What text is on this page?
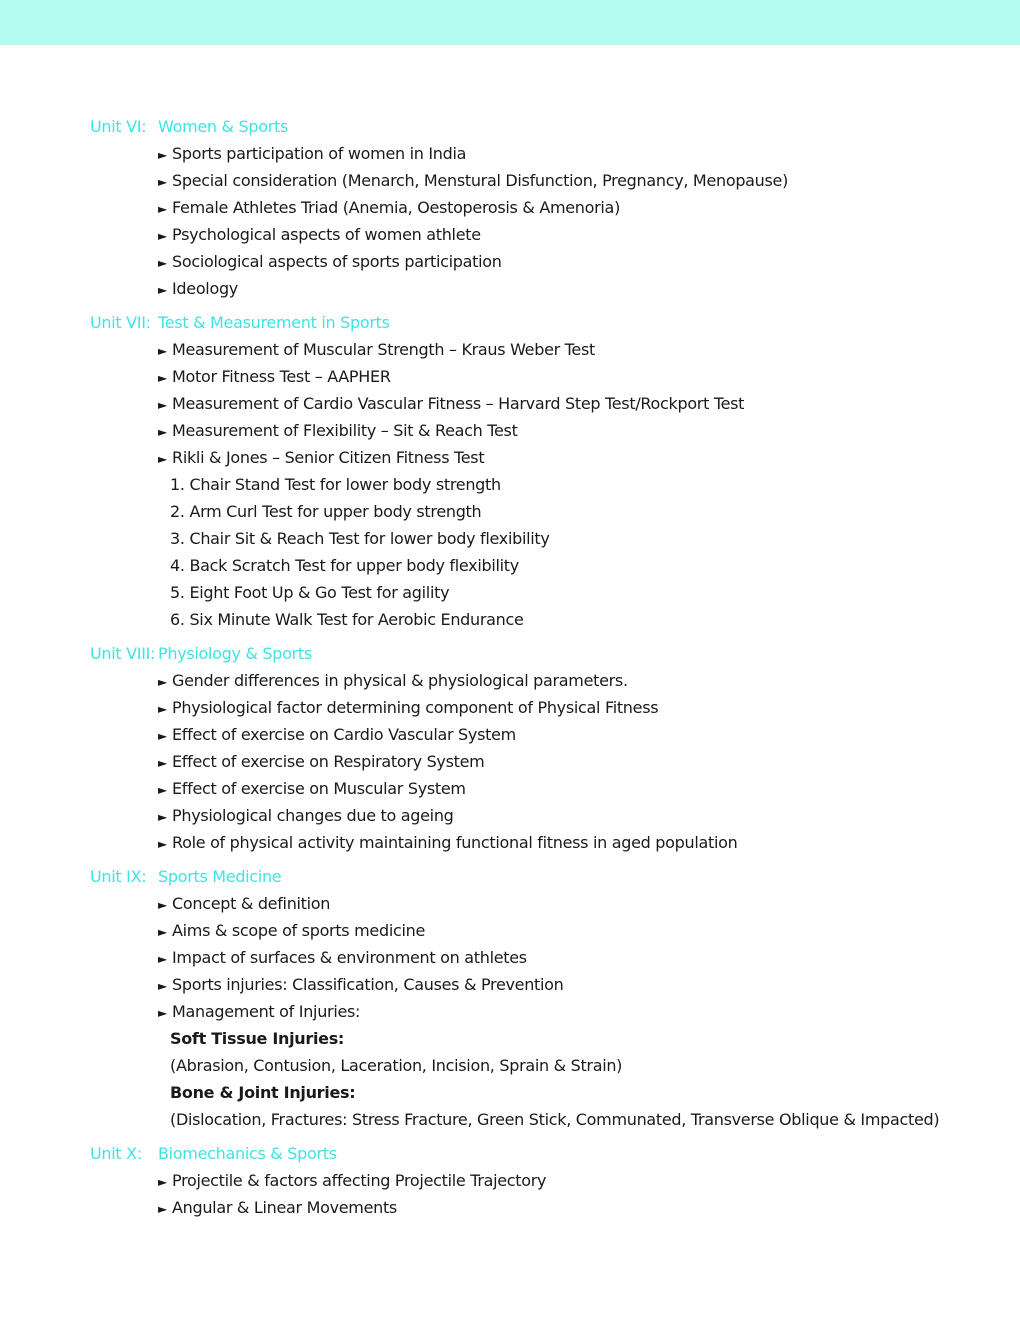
Unit VI: Women & Sports
► Sports participation of women in India
► Special consideration (Menarch, Menstural Disfunction, Pregnancy, Menopause)
► Female Athletes Triad (Anemia, Oestoperosis & Amenoria)
► Psychological aspects of women athlete
► Sociological aspects of sports participation
► Ideology
Unit VII: Test & Measurement in Sports
► Measurement of Muscular Strength – Kraus Weber Test
► Motor Fitness Test – AAPHER
► Measurement of Cardio Vascular Fitness – Harvard Step Test/Rockport Test
► Measurement of Flexibility – Sit & Reach Test
► Rikli & Jones – Senior Citizen Fitness Test
1. Chair Stand Test for lower body strength
2. Arm Curl Test for upper body strength
3. Chair Sit & Reach Test for lower body flexibility
4. Back Scratch Test for upper body flexibility
5. Eight Foot Up & Go Test for agility
6. Six Minute Walk Test for Aerobic Endurance
Unit VIII: Physiology & Sports
► Gender differences in physical & physiological parameters.
► Physiological factor determining component of Physical Fitness
► Effect of exercise on Cardio Vascular System
► Effect of exercise on Respiratory System
► Effect of exercise on Muscular System
► Physiological changes due to ageing
► Role of physical activity maintaining functional fitness in aged population
Unit IX: Sports Medicine
► Concept & definition
► Aims & scope of sports medicine
► Impact of surfaces & environment on athletes
► Sports injuries: Classification, Causes & Prevention
► Management of Injuries:
Soft Tissue Injuries:
(Abrasion, Contusion, Laceration, Incision, Sprain & Strain)
Bone & Joint Injuries:
(Dislocation, Fractures: Stress Fracture, Green Stick, Communated, Transverse Oblique & Impacted)
Unit X:	Biomechanics & Sports
► Projectile & factors affecting Projectile Trajectory
► Angular & Linear Movements
